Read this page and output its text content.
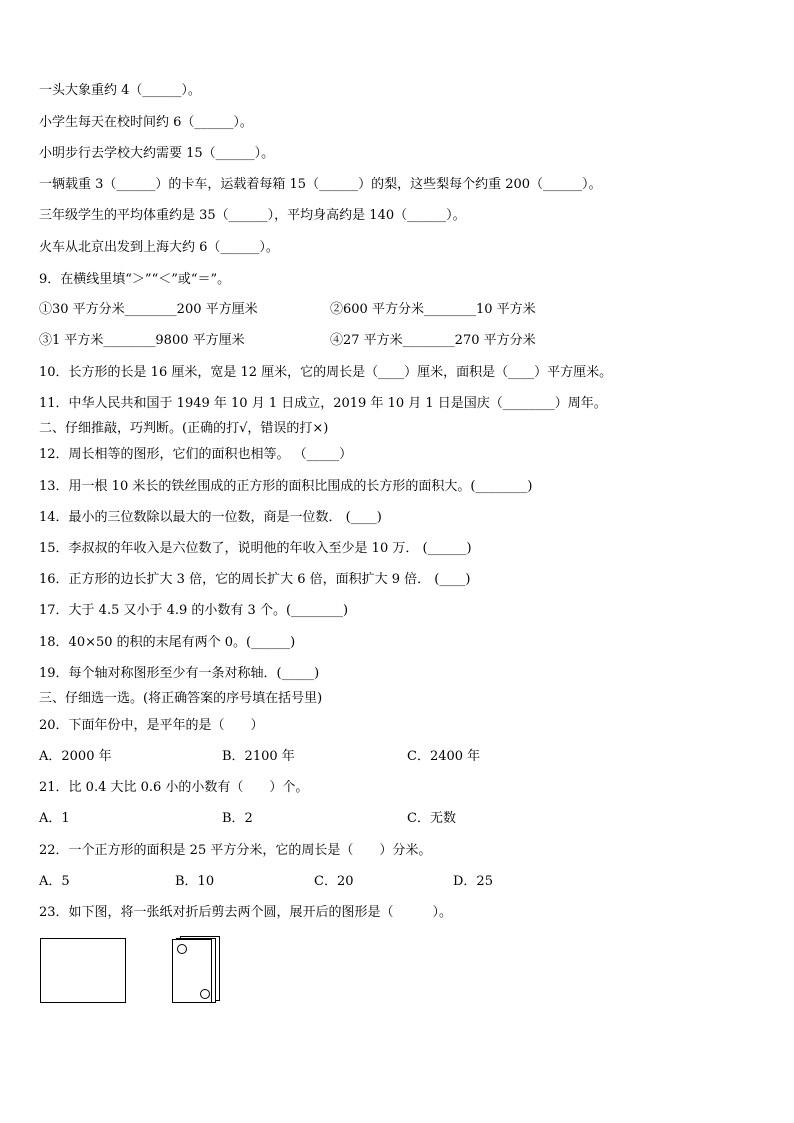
一头大象重约 4（______）。
小学生每天在校时间约 6（______）。
小明步行去学校大约需要 15（______）。
一辆载重 3（______）的卡车，运载着每箱 15（______）的梨，这些梨每个约重 200（______）。
三年级学生的平均体重约是 35（______），平均身高约是 140（______）。
火车从北京出发到上海大约 6（______）。
9．在横线里填“＞”“＜”或“＝”。
①30 平方分米________200 平方厘米	②600 平方分米________10 平方米
③1 平方米________9800 平方厘米	④27 平方米________270 平方分米
10．长方形的长是 16 厘米，宽是 12 厘米，它的周长是（____）厘米，面积是（____）平方厘米。
11．中华人民共和国于 1949 年 10 月 1 日成立，2019 年 10 月 1 日是国庆（________）周年。
二、仔细推敲，巧判断。(正确的打√，错误的打×)
12．周长相等的图形，它们的面积也相等。 （_____）
13．用一根 10 米长的铁丝围成的正方形的面积比围成的长方形的面积大。(________)
14．最小的三位数除以最大的一位数，商是一位数． (____)
15．李叔叔的年收入是六位数了，说明他的年收入至少是 10 万． (______)
16．正方形的边长扩大 3 倍，它的周长扩大 6 倍，面积扩大 9 倍． (____)
17．大于 4.5 又小于 4.9 的小数有 3 个。(________)
18．40×50 的积的末尾有两个 0。(______)
19．每个轴对称图形至少有一条对称轴．(_____)
三、仔细选一选。(将正确答案的序号填在括号里)
20．下面年份中，是平年的是（　　）
A．2000 年	B．2100 年	C．2400 年
21．比 0.4 大比 0.6 小的小数有（　　）个。
A．1	B．2	C．无数
22．一个正方形的面积是 25 平方分米，它的周长是（　　）分米。
A．5	B．10	C．20	D．25
23．如下图，将一张纸对折后剪去两个圆，展开后的图形是（　　　）。
